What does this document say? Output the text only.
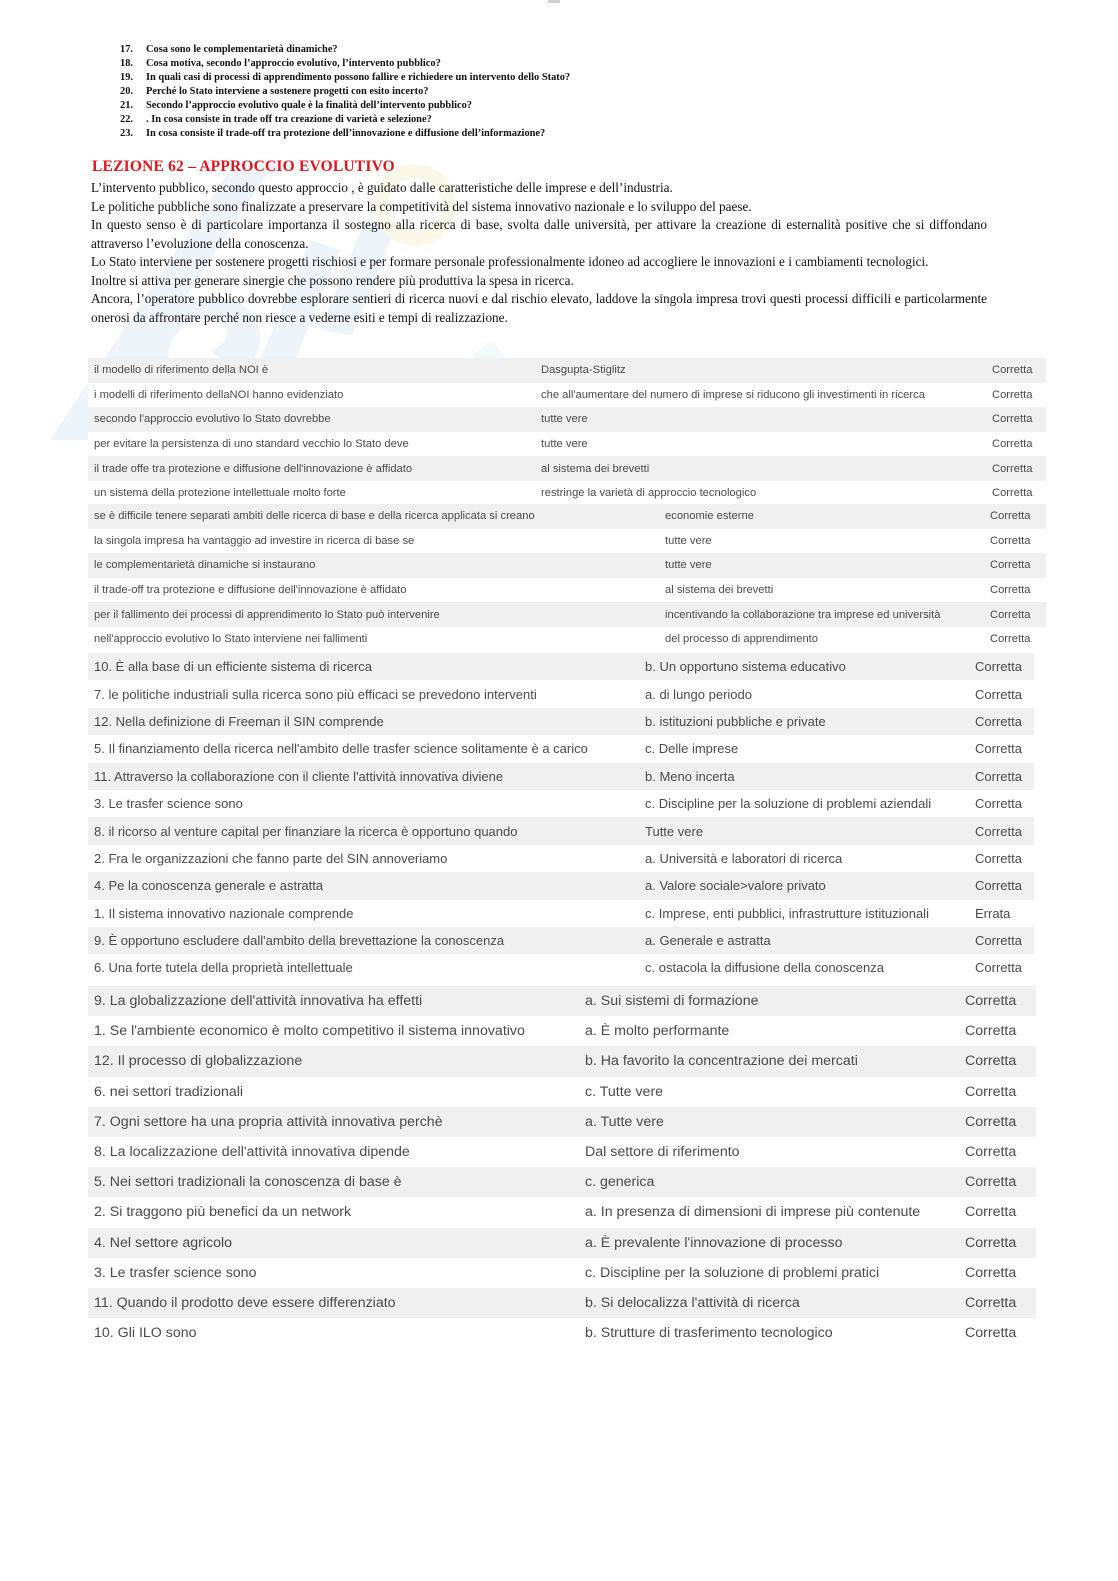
17.	Cosa sono le complementarietà dinamiche?
18.	Cosa motiva, secondo l’approccio evolutivo, l’intervento pubblico?
19.	In quali casi di processi di apprendimento possono fallire e richiedere un intervento dello Stato?
20.	Perché lo Stato interviene a sostenere progetti con esito incerto?
21.	Secondo l’approccio evolutivo quale è la finalità dell’intervento pubblico?
22.	. In cosa consiste in trade off tra creazione di varietà e selezione?
23.	In cosa consiste il trade-off tra protezione dell’innovazione e diffusione dell’informazione?
LEZIONE 62 – APPROCCIO EVOLUTIVO

L’intervento pubblico, secondo questo approccio , è guidato dalle caratteristiche delle imprese e dell’industria.

Le politiche pubbliche sono finalizzate a preservare la competitività del sistema innovativo nazionale e lo sviluppo del paese.

In questo senso è di particolare importanza il sostegno alla ricerca di base, svolta dalle università, per attivare la creazione di esternalità positive che si diffondano attraverso l’evoluzione della conoscenza.

Lo Stato interviene per sostenere progetti rischiosi e per formare personale professionalmente idoneo ad accogliere le innovazioni e i cambiamenti tecnologici.

Inoltre si attiva per generare sinergie che possono rendere più produttiva la spesa in ricerca.

Ancora, l’operatore pubblico dovrebbe esplorare sentieri di ricerca nuovi e dal rischio elevato, laddove la singola impresa trovi questi processi difficili e particolarmente onerosi da affrontare perché non riesce a vederne esiti e tempi di realizzazione.

il modello di riferimento della NOI è	Dasgupta-Stiglitz	Corretta
i modelli di riferimento dellaNOI hanno evidenziato	che all'aumentare del numero di imprese si riducono gli investimenti in ricerca	Corretta
secondo l'approccio evolutivo lo Stato dovrebbe	tutte vere	Corretta
per evitare la persistenza di uno standard vecchio lo Stato deve	tutte vere	Corretta
il trade offe tra protezione e diffusione dell'innovazione è affidato	al sistema dei brevetti	Corretta
un sistema della protezione intellettuale molto forte	restringe la varietà di approccio tecnologico	Corretta
se è difficile tenere separati ambiti delle ricerca di base e della ricerca applicata si creano	economie esterne	Corretta
la singola impresa ha vantaggio ad investire in ricerca di base se	tutte vere	Corretta
le complementarietà dinamiche si instaurano	tutte vere	Corretta
il trade-off tra protezione e diffusione dell'innovazione è affidato	al sistema dei brevetti	Corretta
per il fallimento dei processi di apprendimento lo Stato può intervenire	incentivando la collaborazione tra imprese ed università	Corretta
nell'approccio evolutivo lo Stato interviene nei fallimenti	del processo di apprendimento	Corretta
10. È alla base di un efficiente sistema di ricerca	b. Un opportuno sistema educativo	Corretta
7. le politiche industriali sulla ricerca sono più efficaci se prevedono interventi	a. di lungo periodo	Corretta
12. Nella definizione di Freeman il SIN comprende	b. istituzioni pubbliche e private	Corretta
5. Il finanziamento della ricerca nell'ambito delle trasfer science solitamente è a carico	c. Delle imprese	Corretta
11. Attraverso la collaborazione con il cliente l'attività innovativa diviene	b. Meno incerta	Corretta
3. Le trasfer science sono	c. Discipline per la soluzione di problemi aziendali	Corretta
8. il ricorso al venture capital per finanziare la ricerca è opportuno quando	Tutte vere	Corretta
2. Fra le organizzazioni che fanno parte del SIN annoveriamo	a. Università e laboratori di ricerca	Corretta
4. Pe la conoscenza generale e astratta	a. Valore sociale>valore privato	Corretta
1. Il sistema innovativo nazionale comprende	c. Imprese, enti pubblici, infrastrutture istituzionali	Errata
9. È opportuno escludere dall'ambito della brevettazione la conoscenza	a. Generale e astratta	Corretta
6. Una forte tutela della proprietà intellettuale	c. ostacola la diffusione della conoscenza	Corretta
9. La globalizzazione dell'attività innovativa ha effetti	a. Sui sistemi di formazione	Corretta
1. Se l'ambiente economico è molto competitivo il sistema innovativo	a. È molto performante	Corretta
12. Il processo di globalizzazione	b. Ha favorito la concentrazione dei mercati	Corretta
6. nei settori tradizionali	c. Tutte vere	Corretta
7. Ogni settore ha una propria attività innovativa perchè	a. Tutte vere	Corretta
8. La localizzazione dell'attività innovativa dipende	Dal settore di riferimento	Corretta
5. Nei settori tradizionali la conoscenza di base è	c. generica	Corretta
2. Si traggono più benefici da un network	a. In presenza di dimensioni di imprese più contenute	Corretta
4. Nel settore agricolo	a. È prevalente l'innovazione di processo	Corretta
3. Le trasfer science sono	c. Discipline per la soluzione di problemi pratici	Corretta
11. Quando il prodotto deve essere differenziato	b. Si delocalizza l'attività di ricerca	Corretta
10. Gli ILO sono	b. Strutture di trasferimento tecnologico	Corretta
